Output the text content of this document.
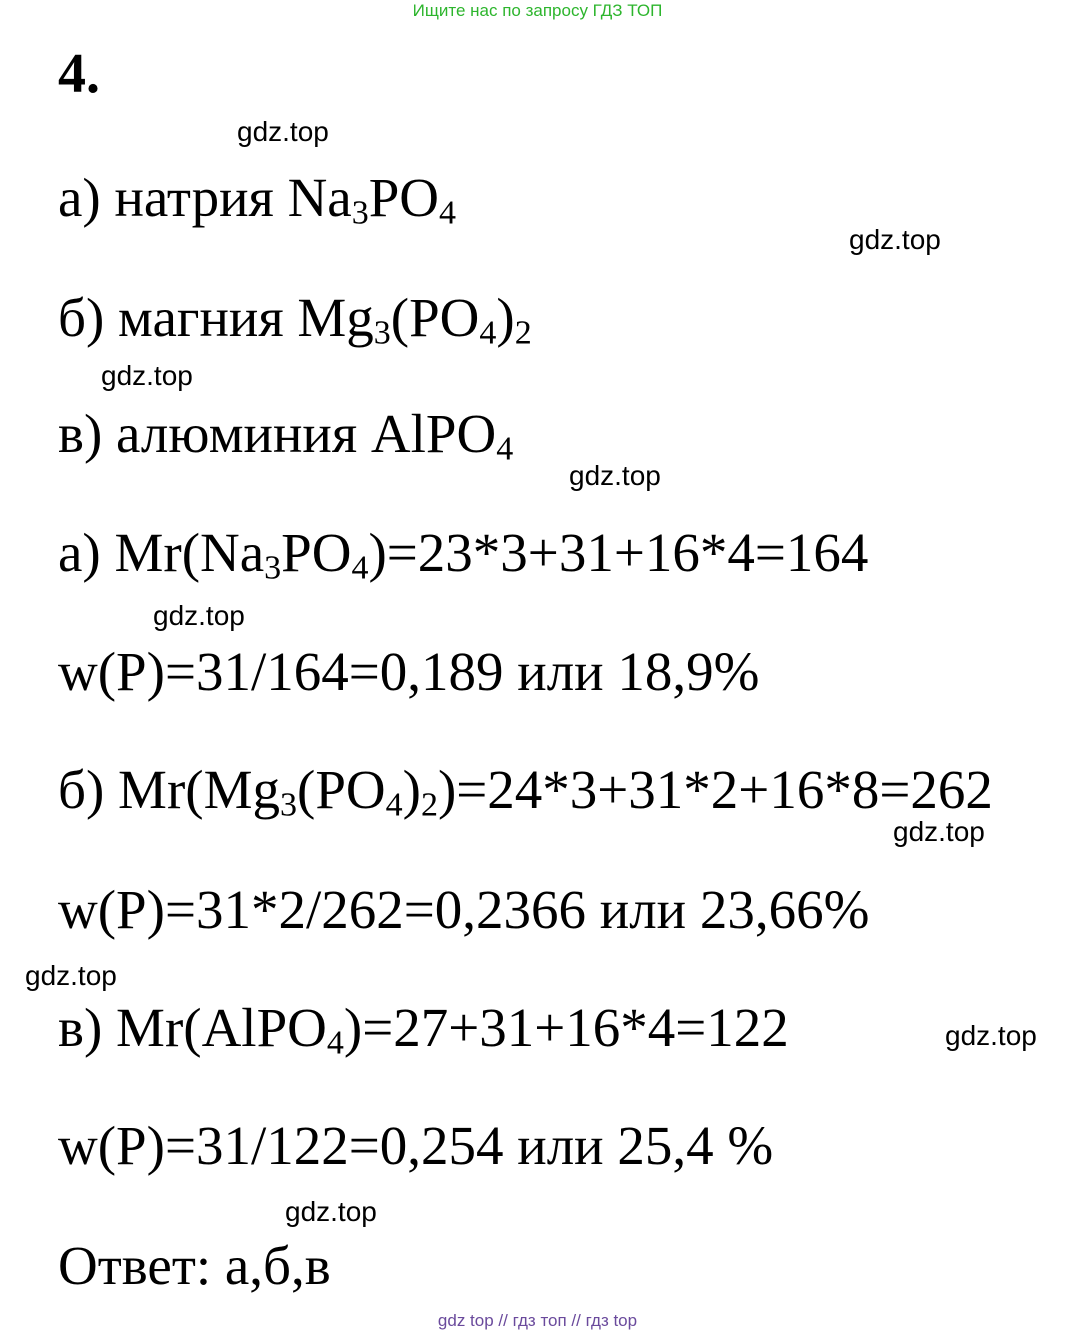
Ищите нас по запросу ГДЗ ТОП
4.
а) натрия $Na_3PO_4$
б) магния $Mg_3(PO_4)_2$
в) алюминия AlPO$_4$
а) $Mr(Na_3PO_4)=23*3+31+16*4=164$
w(P)=31/164=0,189 или 18,9%
б) $Mr(Mg_3(PO_4)_2)=24*3+31*2+16*8=262$
w(P)=31*2/262=0,2366 или 23,66%
в) Mr(AlPO$_4$)=27+31+16*4=122
w(P)=31/122=0,254 или 25,4 %
Ответ: а,б,в
gdz.top
gdz.top
gdz.top
gdz.top
gdz.top
gdz.top
gdz.top
gdz.top
gdz.top
gdz top // гдз топ // гдз top
